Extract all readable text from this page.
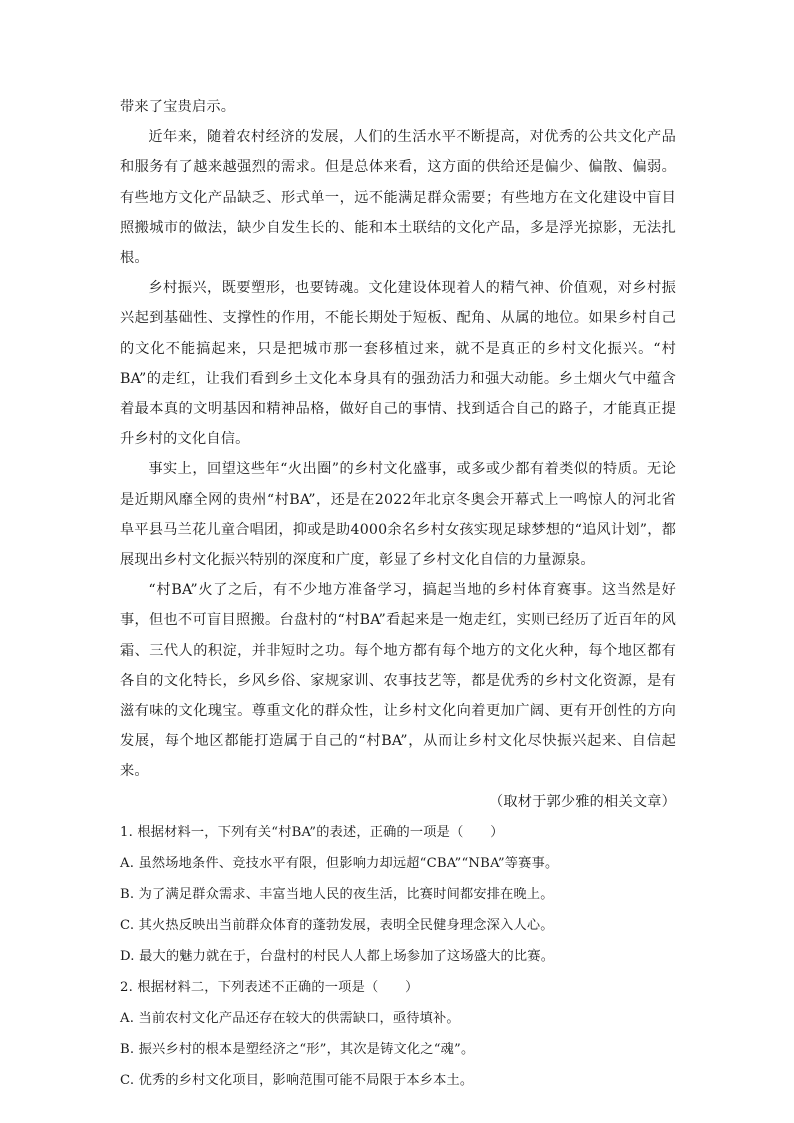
带来了宝贵启示。

近年来，随着农村经济的发展，人们的生活水平不断提高，对优秀的公共文化产品和服务有了越来越强烈的需求。但是总体来看，这方面的供给还是偏少、偏散、偏弱。有些地方文化产品缺乏、形式单一，远不能满足群众需要；有些地方在文化建设中盲目照搬城市的做法，缺少自发生长的、能和本土联结的文化产品，多是浮光掠影，无法扎根。

乡村振兴，既要塑形，也要铸魂。文化建设体现着人的精气神、价值观，对乡村振兴起到基础性、支撑性的作用，不能长期处于短板、配角、从属的地位。如果乡村自己的文化不能搞起来，只是把城市那一套移植过来，就不是真正的乡村文化振兴。“村BA”的走红，让我们看到乡土文化本身具有的强劲活力和强大动能。乡土烟火气中蕴含着最本真的文明基因和精神品格，做好自己的事情、找到适合自己的路子，才能真正提升乡村的文化自信。

事实上，回望这些年“火出圈”的乡村文化盛事，或多或少都有着类似的特质。无论是近期风靡全网的贵州“村BA”，还是在2022年北京冬奥会开幕式上一鸣惊人的河北省阜平县马兰花儿童合唱团，抑或是助4000余名乡村女孩实现足球梦想的“追风计划”，都展现出乡村文化振兴特别的深度和广度，彰显了乡村文化自信的力量源泉。

“村BA”火了之后，有不少地方准备学习，搞起当地的乡村体育赛事。这当然是好事，但也不可盲目照搬。台盘村的“村BA”看起来是一炮走红，实则已经历了近百年的风霜、三代人的积淀，并非短时之功。每个地方都有每个地方的文化火种，每个地区都有各自的文化特长，乡风乡俗、家规家训、农事技艺等，都是优秀的乡村文化资源，是有滋有味的文化瑰宝。尊重文化的群众性，让乡村文化向着更加广阔、更有开创性的方向发展，每个地区都能打造属于自己的“村BA”，从而让乡村文化尽快振兴起来、自信起来。

（取材于郭少雅的相关文章）

1. 根据材料一，下列有关“村BA”的表述，正确的一项是（　　）

A. 虽然场地条件、竞技水平有限，但影响力却远超“CBA”“NBA”等赛事。

B. 为了满足群众需求、丰富当地人民的夜生活，比赛时间都安排在晚上。

C. 其火热反映出当前群众体育的蓬勃发展，表明全民健身理念深入人心。

D. 最大的魅力就在于，台盘村的村民人人都上场参加了这场盛大的比赛。

2. 根据材料二，下列表述不正确的一项是（　　）

A. 当前农村文化产品还存在较大的供需缺口，亟待填补。

B. 振兴乡村的根本是塑经济之“形”，其次是铸文化之“魂”。

C. 优秀的乡村文化项目，影响范围可能不局限于本乡本土。
